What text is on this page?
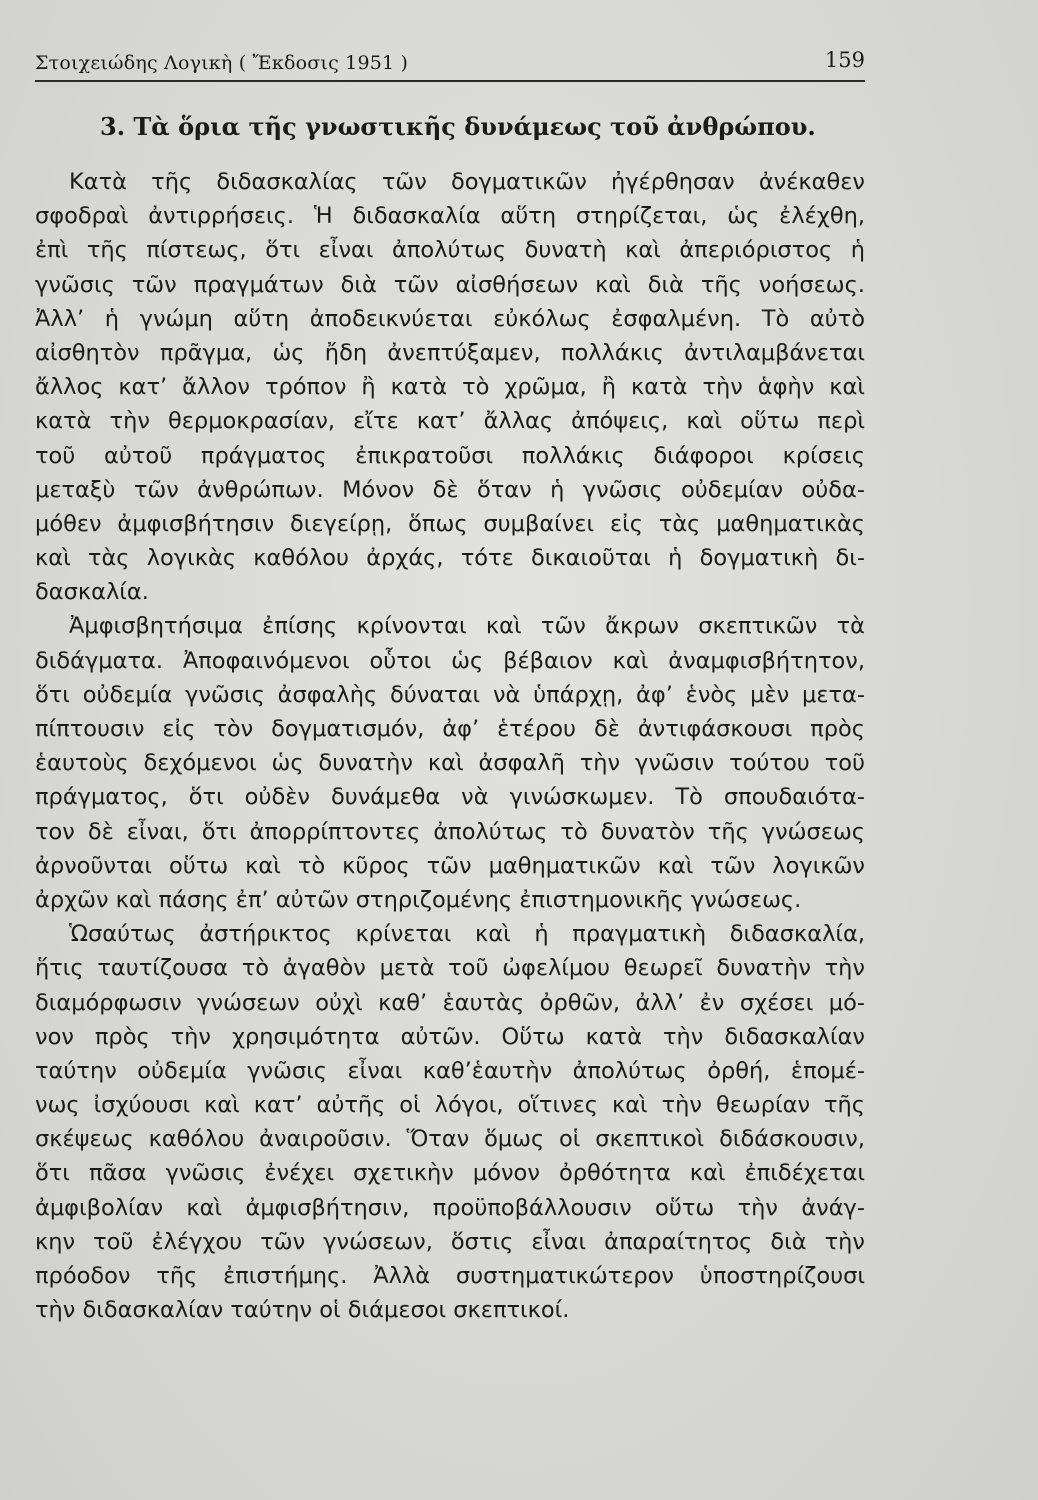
Στοιχειώδης Λογικὴ ( Ἔκδοσις 1951 )	159
3. Τὰ ὅρια τῆς γνωστικῆς δυνάμεως τοῦ ἀνθρώπου.
Κατὰ τῆς διδασκαλίας τῶν δογματικῶν ἠγέρθησαν ἀνέκαθεν
σφοδραὶ ἀντιρρήσεις. Ἡ διδασκαλία αὕτη στηρίζεται, ὡς ἐλέχθη,
ἐπὶ τῆς πίστεως, ὅτι εἶναι ἀπολύτως δυνατὴ καὶ ἀπεριόριστος ἡ
γνῶσις τῶν πραγμάτων διὰ τῶν αἰσθήσεων καὶ διὰ τῆς νοήσεως.
Ἀλλ’ ἡ γνώμη αὕτη ἀποδεικνύεται εὐκόλως ἐσφαλμένη. Τὸ αὐτὸ
αἰσθητὸν πρᾶγμα, ὡς ἤδη ἀνεπτύξαμεν, πολλάκις ἀντιλαμβάνεται
ἄλλος κατ’ ἄλλον τρόπον ἢ κατὰ τὸ χρῶμα, ἢ κατὰ τὴν ἁφὴν καὶ
κατὰ τὴν θερμοκρασίαν, εἴτε κατ’ ἄλλας ἀπόψεις, καὶ οὕτω περὶ
τοῦ αὐτοῦ πράγματος ἐπικρατοῦσι πολλάκις διάφοροι κρίσεις
μεταξὺ τῶν ἀνθρώπων. Μόνον δὲ ὅταν ἡ γνῶσις οὐδεμίαν οὐδα-
μόθεν ἀμφισβήτησιν διεγείρῃ, ὅπως συμβαίνει εἰς τὰς μαθηματικὰς
καὶ τὰς λογικὰς καθόλου ἀρχάς, τότε δικαιοῦται ἡ δογματικὴ δι-
δασκαλία.
Ἀμφισβητήσιμα ἐπίσης κρίνονται καὶ τῶν ἄκρων σκεπτικῶν τὰ
διδάγματα. Ἀποφαινόμενοι οὗτοι ὡς βέβαιον καὶ ἀναμφισβήτητον,
ὅτι οὐδεμία γνῶσις ἀσφαλὴς δύναται νὰ ὑπάρχῃ, ἀφ’ ἑνὸς μὲν μετα-
πίπτουσιν εἰς τὸν δογματισμόν, ἀφ’ ἑτέρου δὲ ἀντιφάσκουσι πρὸς
ἑαυτοὺς δεχόμενοι ὡς δυνατὴν καὶ ἀσφαλῆ τὴν γνῶσιν τούτου τοῦ
πράγματος, ὅτι οὐδὲν δυνάμεθα νὰ γινώσκωμεν. Τὸ σπουδαιότα-
τον δὲ εἶναι, ὅτι ἀπορρίπτοντες ἀπολύτως τὸ δυνατὸν τῆς γνώσεως
ἀρνοῦνται οὕτω καὶ τὸ κῦρος τῶν μαθηματικῶν καὶ τῶν λογικῶν
ἀρχῶν καὶ πάσης ἐπ’ αὐτῶν στηριζομένης ἐπιστημονικῆς γνώσεως.
Ὡσαύτως ἀστήρικτος κρίνεται καὶ ἡ πραγματικὴ διδασκαλία,
ἥτις ταυτίζουσα τὸ ἀγαθὸν μετὰ τοῦ ὠφελίμου θεωρεῖ δυνατὴν τὴν
διαμόρφωσιν γνώσεων οὐχὶ καθ’ ἑαυτὰς ὀρθῶν, ἀλλ’ ἐν σχέσει μό-
νον πρὸς τὴν χρησιμότητα αὐτῶν. Οὕτω κατὰ τὴν διδασκαλίαν
ταύτην οὐδεμία γνῶσις εἶναι καθ’ἑαυτὴν ἀπολύτως ὀρθή, ἑπομέ-
νως ἰσχύουσι καὶ κατ’ αὐτῆς οἱ λόγοι, οἵτινες καὶ τὴν θεωρίαν τῆς
σκέψεως καθόλου ἀναιροῦσιν. Ὅταν ὅμως οἱ σκεπτικοὶ διδάσκουσιν,
ὅτι πᾶσα γνῶσις ἐνέχει σχετικὴν μόνον ὀρθότητα καὶ ἐπιδέχεται
ἀμφιβολίαν καὶ ἀμφισβήτησιν, προϋποβάλλουσιν οὕτω τὴν ἀνάγ-
κην τοῦ ἐλέγχου τῶν γνώσεων, ὅστις εἶναι ἀπαραίτητος διὰ τὴν
πρόοδον τῆς ἐπιστήμης. Ἀλλὰ συστηματικώτερον ὑποστηρίζουσι
τὴν διδασκαλίαν ταύτην οἱ διάμεσοι σκεπτικοί.
